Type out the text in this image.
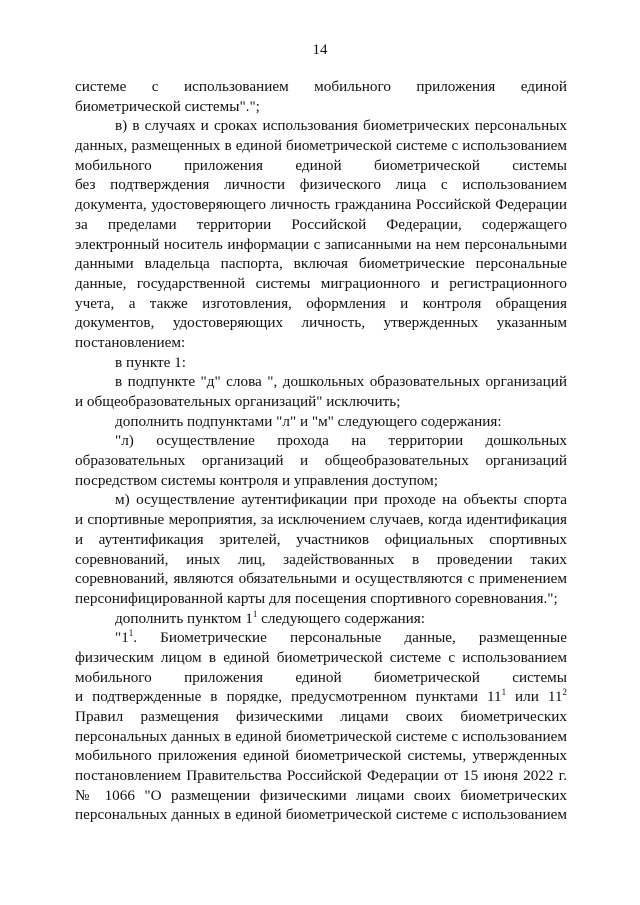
14
системе с использованием мобильного приложения единой
биометрической системы".";
в) в случаях и сроках использования биометрических персональных
данных, размещенных в единой биометрической системе с использованием
мобильного приложения единой биометрической системы
без подтверждения личности физического лица с использованием
документа, удостоверяющего личность гражданина Российской Федерации
за пределами территории Российской Федерации, содержащего
электронный носитель информации с записанными на нем персональными
данными владельца паспорта, включая биометрические персональные
данные, государственной системы миграционного и регистрационного
учета, а также изготовления, оформления и контроля обращения
документов, удостоверяющих личность, утвержденных указанным
постановлением:
в пункте 1:
в подпункте "д" слова ", дошкольных образовательных организаций
и общеобразовательных организаций" исключить;
дополнить подпунктами "л" и "м" следующего содержания:
"л) осуществление прохода на территории дошкольных
образовательных организаций и общеобразовательных организаций
посредством системы контроля и управления доступом;
м) осуществление аутентификации при проходе на объекты спорта
и спортивные мероприятия, за исключением случаев, когда идентификация
и аутентификация зрителей, участников официальных спортивных
соревнований, иных лиц, задействованных в проведении таких
соревнований, являются обязательными и осуществляются с применением
персонифицированной карты для посещения спортивного соревнования.";
дополнить пунктом $1^1$ следующего содержания:
"$1^1$. Биометрические персональные данные, размещенные
физическим лицом в единой биометрической системе с использованием
мобильного приложения единой биометрической системы
и подтвержденные в порядке, предусмотренном пунктами $11^1$ или $11^2$
Правил размещения физическими лицами своих биометрических
персональных данных в единой биометрической системе с использованием
мобильного приложения единой биометрической системы, утвержденных
постановлением Правительства Российской Федерации от 15 июня 2022 г.
№ 1066 "О размещении физическими лицами своих биометрических
персональных данных в единой биометрической системе с использованием
